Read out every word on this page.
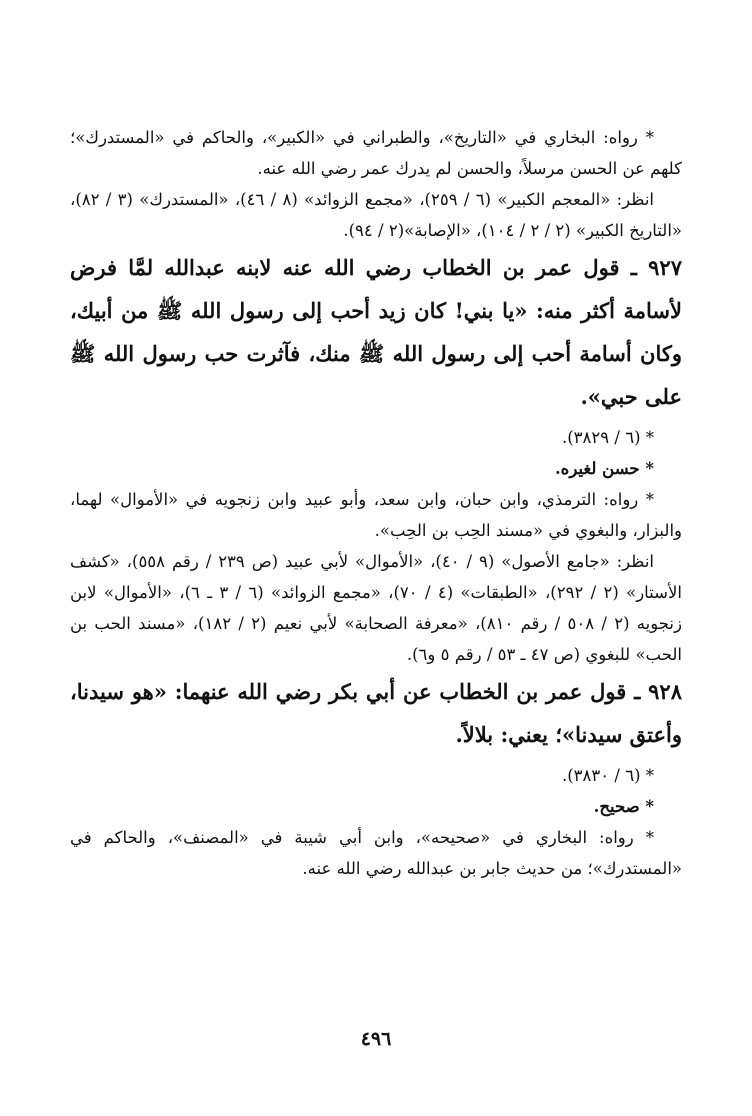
* رواه: البخاري في «التاريخ»، والطبراني في «الكبير»، والحاكم في «المستدرك»؛ كلهم عن الحسن مرسلاً، والحسن لم يدرك عمر رضي الله عنه.

انظر: «المعجم الكبير» (٦ / ٢٥٩)، «مجمع الزوائد» (٨ / ٤٦)، «المستدرك» (٣ / ٨٢)، «التاريخ الكبير» (٢ / ٢ / ١٠٤)، «الإصابة»(٢ / ٩٤).

٩٢٧ ـ قول عمر بن الخطاب رضي الله عنه لابنه عبدالله لمَّا فرض لأسامة أكثر منه: «يا بني! كان زيد أحب إلى رسول الله ﷺ من أبيك، وكان أسامة أحب إلى رسول الله ﷺ منك، فآثرت حب رسول الله ﷺ على حبي».

* (٦ / ٣٨٢٩).

* حسن لغيره.

* رواه: الترمذي، وابن حبان، وابن سعد، وأبو عبيد وابن زنجويه في «الأموال» لهما، والبزار، والبغوي في «مسند الحِب بن الحِب».

انظر: «جامع الأصول» (٩ / ٤٠)، «الأموال» لأبي عبيد (ص ٢٣٩ / رقم ٥٥٨)، «كشف الأستار» (٢ / ٢٩٢)، «الطبقات» (٤ / ٧٠)، «مجمع الزوائد» (٦ / ٣ ـ ٦)، «الأموال» لابن زنجويه (٢ / ٥٠٨ / رقم ٨١٠)، «معرفة الصحابة» لأبي نعيم (٢ / ١٨٢)، «مسند الحب بن الحب» للبغوي (ص ٤٧ ـ ٥٣ / رقم ٥ و٦).

٩٢٨ ـ قول عمر بن الخطاب عن أبي بكر رضي الله عنهما: «هو سيدنا، وأعتق سيدنا»؛ يعني: بلالاً.

* (٦ / ٣٨٣٠).

* صحيح.

* رواه: البخاري في «صحيحه»، وابن أبي شيبة في «المصنف»، والحاكم في «المستدرك»؛ من حديث جابر بن عبدالله رضي الله عنه.

٤٩٦
